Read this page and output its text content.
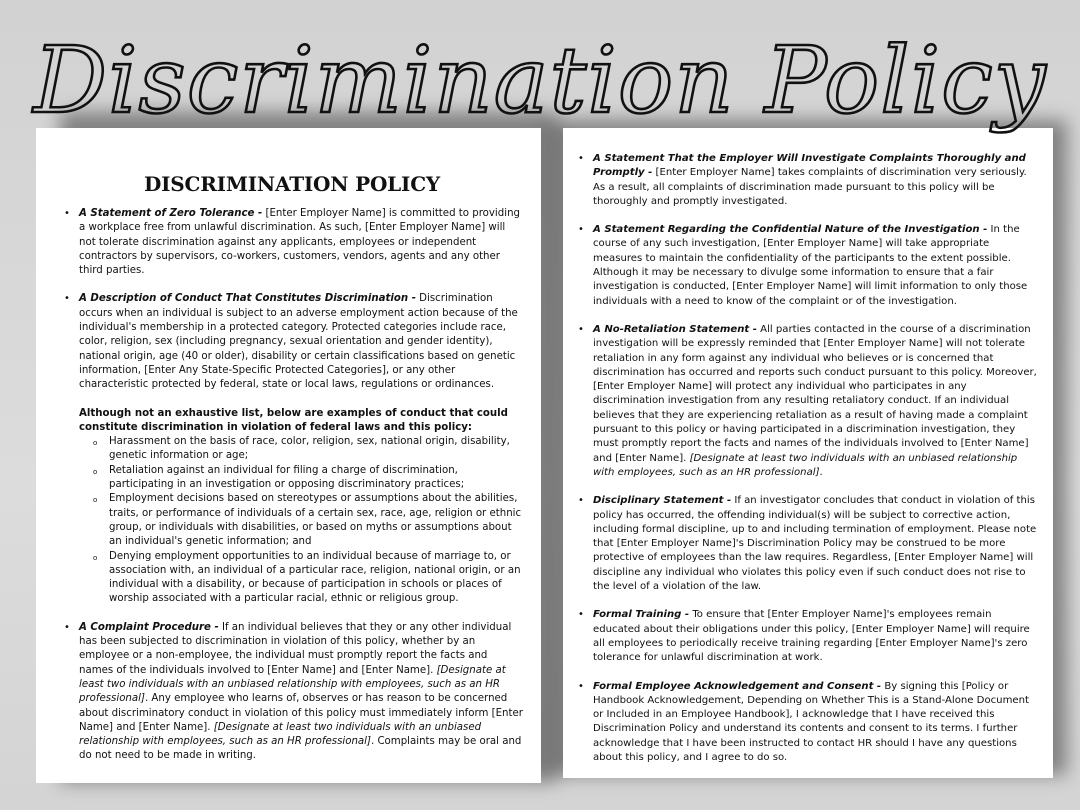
DISCRIMINATION POLICY
• A Statement of Zero Tolerance - [Enter Employer Name] is committed to providing a workplace free from unlawful discrimination. As such, [Enter Employer Name] will not tolerate discrimination against any applicants, employees or independent contractors by supervisors, co-workers, customers, vendors, agents and any other third parties.
• A Description of Conduct That Constitutes Discrimination - Discrimination occurs when an individual is subject to an adverse employment action because of the individual's membership in a protected category. Protected categories include race, color, religion, sex (including pregnancy, sexual orientation and gender identity), national origin, age (40 or older), disability or certain classifications based on genetic information, [Enter Any State-Specific Protected Categories], or any other characteristic protected by federal, state or local laws, regulations or ordinances.
Although not an exhaustive list, below are examples of conduct that could constitute discrimination in violation of federal laws and this policy:
o Harassment on the basis of race, color, religion, sex, national origin, disability, genetic information or age;
o Retaliation against an individual for filing a charge of discrimination, participating in an investigation or opposing discriminatory practices;
o Employment decisions based on stereotypes or assumptions about the abilities, traits, or performance of individuals of a certain sex, race, age, religion or ethnic group, or individuals with disabilities, or based on myths or assumptions about an individual's genetic information; and
o Denying employment opportunities to an individual because of marriage to, or association with, an individual of a particular race, religion, national origin, or an individual with a disability, or because of participation in schools or places of worship associated with a particular racial, ethnic or religious group.
• A Complaint Procedure - If an individual believes that they or any other individual has been subjected to discrimination in violation of this policy, whether by an employee or a non-employee, the individual must promptly report the facts and names of the individuals involved to [Enter Name] and [Enter Name]. [Designate at least two individuals with an unbiased relationship with employees, such as an HR professional]. Any employee who learns of, observes or has reason to be concerned about discriminatory conduct in violation of this policy must immediately inform [Enter Name] and [Enter Name]. [Designate at least two individuals with an unbiased relationship with employees, such as an HR professional]. Complaints may be oral and do not need to be made in writing.
• A Statement That the Employer Will Investigate Complaints Thoroughly and Promptly - [Enter Employer Name] takes complaints of discrimination very seriously. As a result, all complaints of discrimination made pursuant to this policy will be thoroughly and promptly investigated.
• A Statement Regarding the Confidential Nature of the Investigation - In the course of any such investigation, [Enter Employer Name] will take appropriate measures to maintain the confidentiality of the participants to the extent possible. Although it may be necessary to divulge some information to ensure that a fair investigation is conducted, [Enter Employer Name] will limit information to only those individuals with a need to know of the complaint or of the investigation.
• A No-Retaliation Statement - All parties contacted in the course of a discrimination investigation will be expressly reminded that [Enter Employer Name] will not tolerate retaliation in any form against any individual who believes or is concerned that discrimination has occurred and reports such conduct pursuant to this policy. Moreover, [Enter Employer Name] will protect any individual who participates in any discrimination investigation from any resulting retaliatory conduct. If an individual believes that they are experiencing retaliation as a result of having made a complaint pursuant to this policy or having participated in a discrimination investigation, they must promptly report the facts and names of the individuals involved to [Enter Name] and [Enter Name]. [Designate at least two individuals with an unbiased relationship with employees, such as an HR professional].
• Disciplinary Statement - If an investigator concludes that conduct in violation of this policy has occurred, the offending individual(s) will be subject to corrective action, including formal discipline, up to and including termination of employment. Please note that [Enter Employer Name]'s Discrimination Policy may be construed to be more protective of employees than the law requires. Regardless, [Enter Employer Name] will discipline any individual who violates this policy even if such conduct does not rise to the level of a violation of the law.
• Formal Training - To ensure that [Enter Employer Name]'s employees remain educated about their obligations under this policy, [Enter Employer Name] will require all employees to periodically receive training regarding [Enter Employer Name]'s zero tolerance for unlawful discrimination at work.
• Formal Employee Acknowledgement and Consent - By signing this [Policy or Handbook Acknowledgement, Depending on Whether This is a Stand-Alone Document or Included in an Employee Handbook], I acknowledge that I have received this Discrimination Policy and understand its contents and consent to its terms. I further acknowledge that I have been instructed to contact HR should I have any questions about this policy, and I agree to do so.
Discrimination Policy
